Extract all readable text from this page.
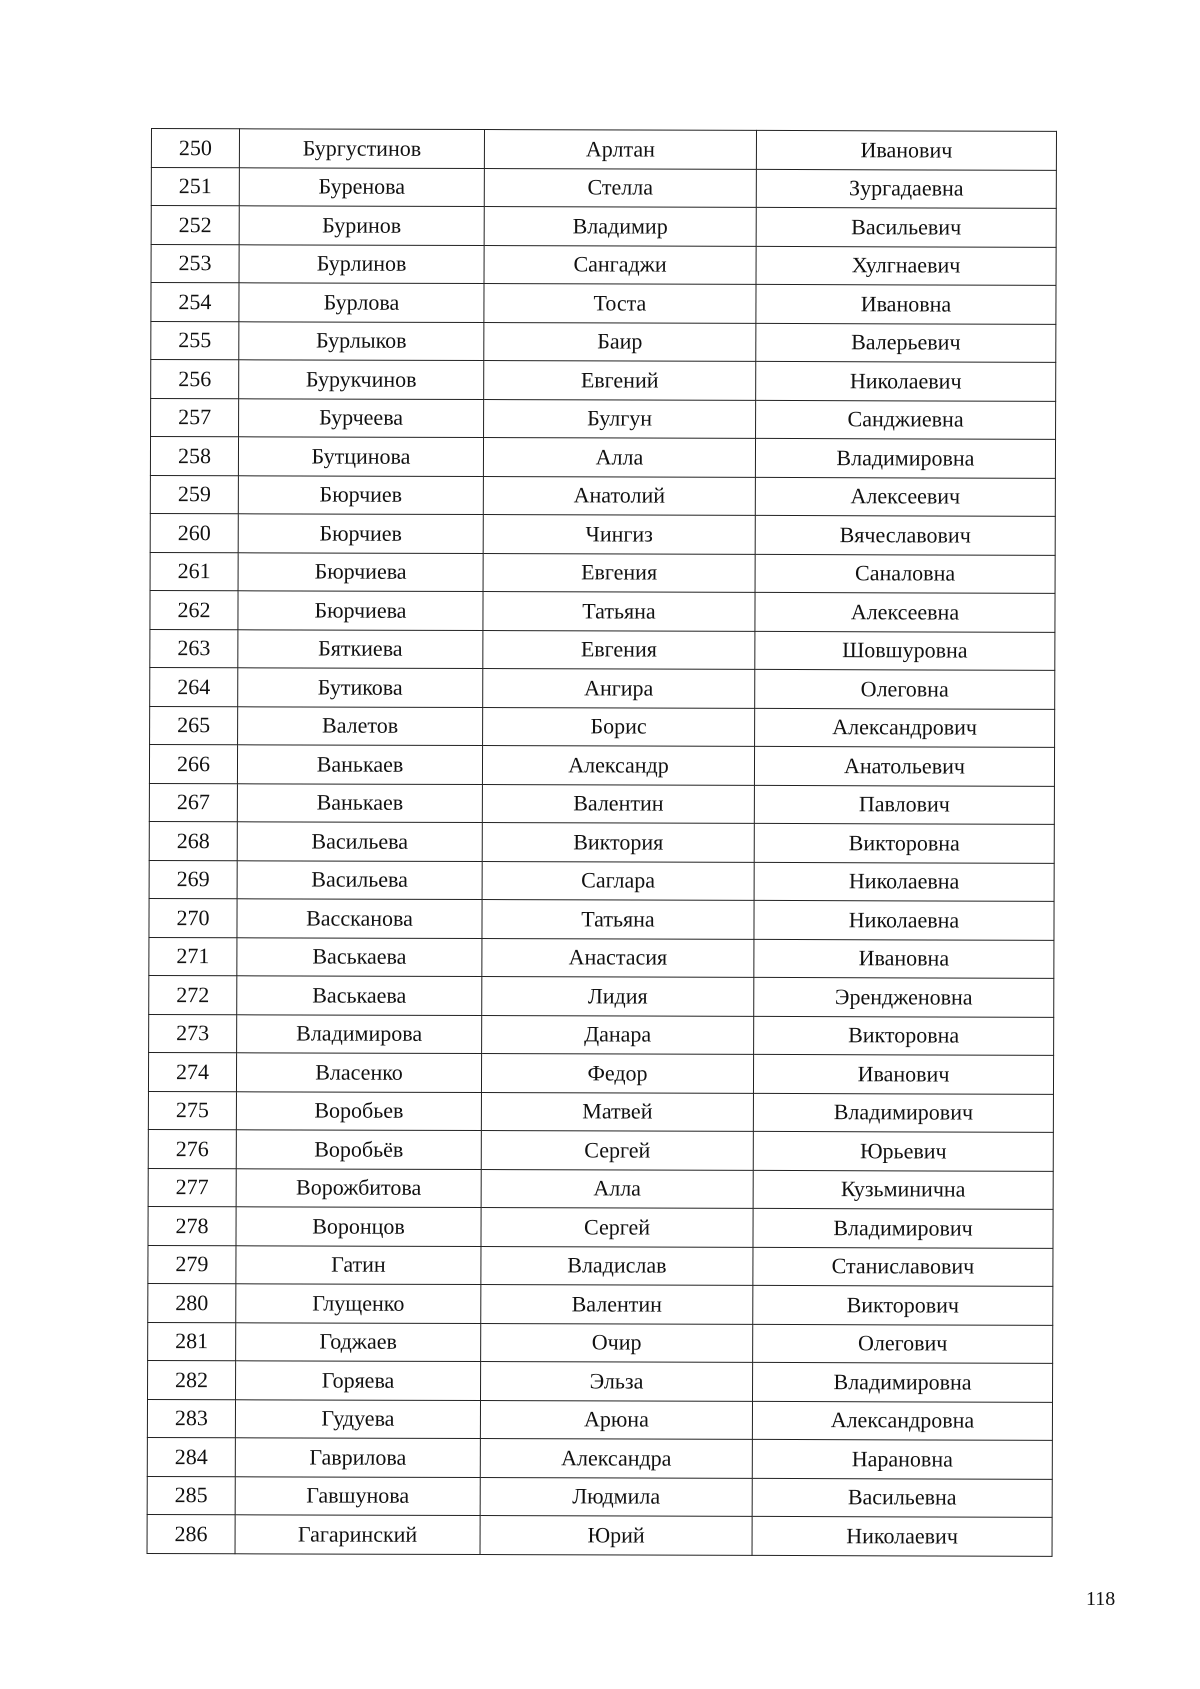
250	Бургустинов	Арлтан	Иванович
251	Буренова	Стелла	Зургадаевна
252	Буринов	Владимир	Васильевич
253	Бурлинов	Сангаджи	Хулгнаевич
254	Бурлова	Тоста	Ивановна
255	Бурлыков	Баир	Валерьевич
256	Бурукчинов	Евгений	Николаевич
257	Бурчеева	Булгун	Санджиевна
258	Бутцинова	Алла	Владимировна
259	Бюрчиев	Анатолий	Алексеевич
260	Бюрчиев	Чингиз	Вячеславович
261	Бюрчиева	Евгения	Саналовна
262	Бюрчиева	Татьяна	Алексеевна
263	Бяткиева	Евгения	Шовшуровна
264	Бутикова	Ангира	Олеговна
265	Валетов	Борис	Александрович
266	Ванькаев	Александр	Анатольевич
267	Ванькаев	Валентин	Павлович
268	Васильева	Виктория	Викторовна
269	Васильева	Саглара	Николаевна
270	Вассканова	Татьяна	Николаевна
271	Васькаева	Анастасия	Ивановна
272	Васькаева	Лидия	Эрендженовна
273	Владимирова	Данара	Викторовна
274	Власенко	Федор	Иванович
275	Воробьев	Матвей	Владимирович
276	Воробьёв	Сергей	Юрьевич
277	Ворожбитова	Алла	Кузьминична
278	Воронцов	Сергей	Владимирович
279	Гатин	Владислав	Станиславович
280	Глущенко	Валентин	Викторович
281	Годжаев	Очир	Олегович
282	Горяева	Эльза	Владимировна
283	Гудуева	Арюна	Александровна
284	Гаврилова	Александра	Нарановна
285	Гавшунова	Людмила	Васильевна
286	Гагаринский	Юрий	Николаевич
118
